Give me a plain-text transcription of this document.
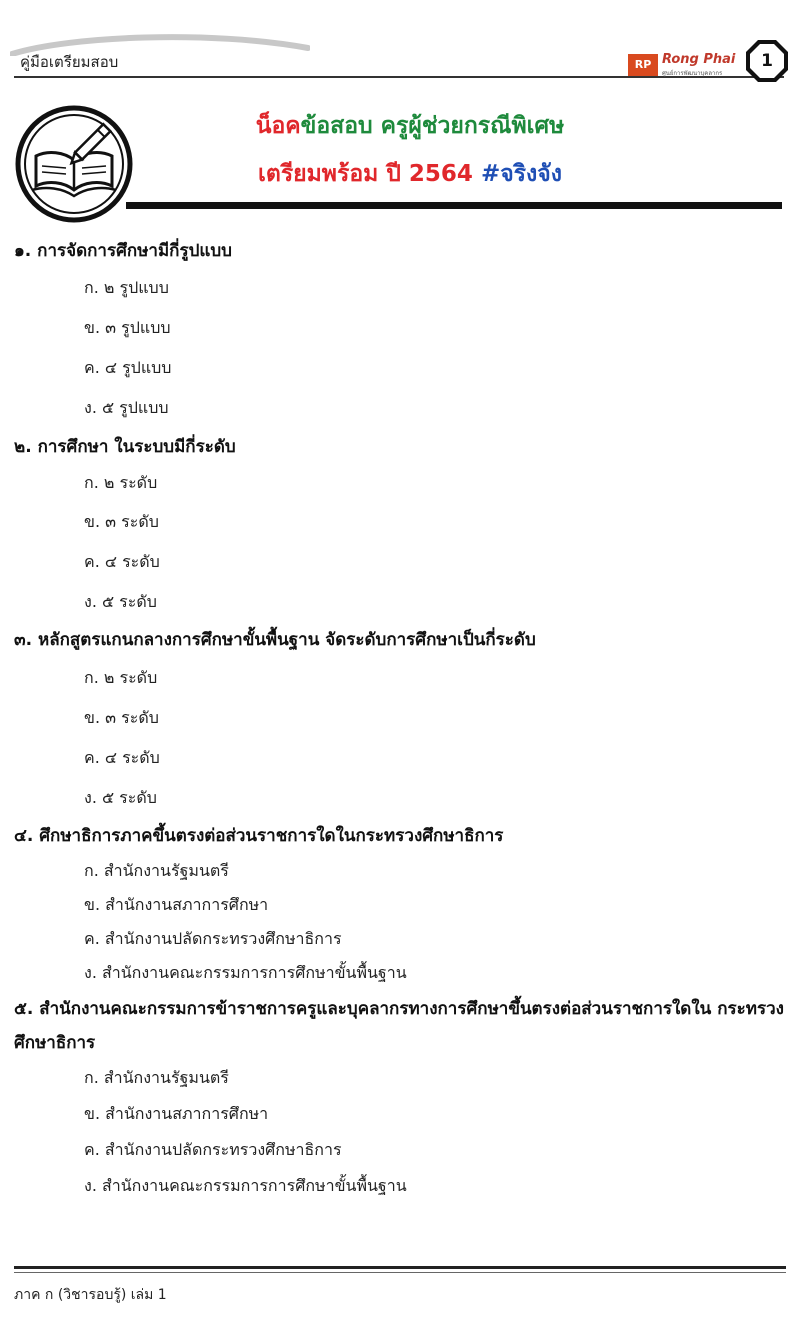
คู่มือเตรียมสอบ	RP Rong Phai
ศูนย์การพัฒนาบุคลากร
1
น็อคข้อสอบ ครูผู้ช่วยกรณีพิเศษ
เตรียมพร้อม ปี 2564 #จริงจัง
๑. การจัดการศึกษามีกี่รูปแบบ
ก. ๒ รูปแบบ
ข. ๓ รูปแบบ
ค. ๔ รูปแบบ
ง. ๕ รูปแบบ
๒. การศึกษา ในระบบมีกี่ระดับ
ก. ๒ ระดับ
ข. ๓ ระดับ
ค. ๔ ระดับ
ง. ๕ ระดับ
๓. หลักสูตรแกนกลางการศึกษาขั้นพื้นฐาน จัดระดับการศึกษาเป็นกี่ระดับ
ก. ๒ ระดับ
ข. ๓ ระดับ
ค. ๔ ระดับ
ง. ๕ ระดับ
๔. ศึกษาธิการภาคขึ้นตรงต่อส่วนราชการใดในกระทรวงศึกษาธิการ
ก. สำนักงานรัฐมนตรี
ข. สำนักงานสภาการศึกษา
ค. สำนักงานปลัดกระทรวงศึกษาธิการ
ง. สำนักงานคณะกรรมการการศึกษาขั้นพื้นฐาน
๕. สำนักงานคณะกรรมการข้าราชการครูและบุคลากรทางการศึกษาขึ้นตรงต่อส่วนราชการใดใน กระทรวงศึกษาธิการ
ก. สำนักงานรัฐมนตรี
ข. สำนักงานสภาการศึกษา
ค. สำนักงานปลัดกระทรวงศึกษาธิการ
ง. สำนักงานคณะกรรมการการศึกษาขั้นพื้นฐาน
ภาค ก (วิชารอบรู้) เล่ม 1
